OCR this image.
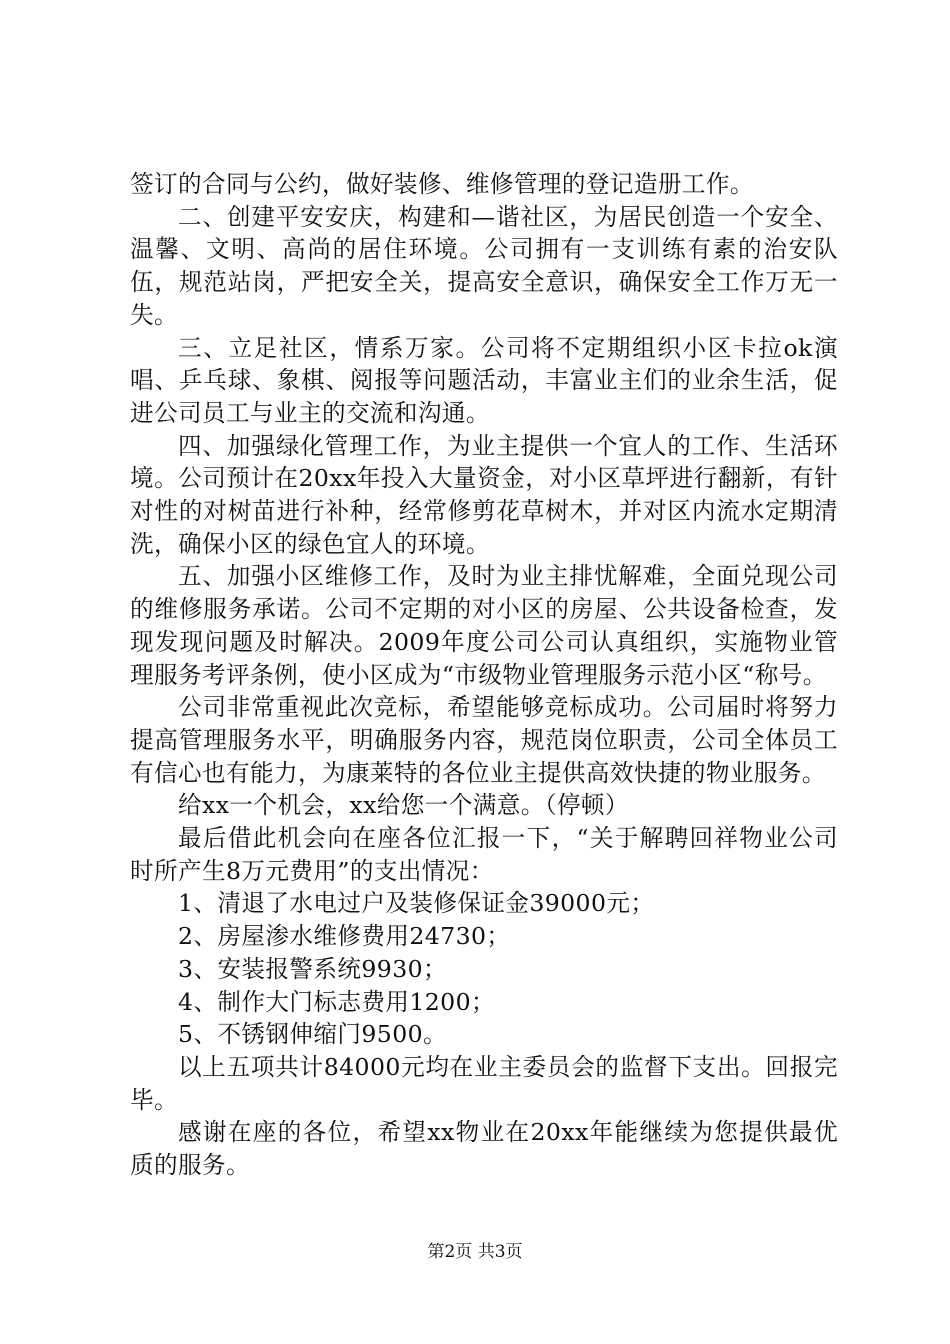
签订的合同与公约，做好装修、维修管理的登记造册工作。

二、创建平安安庆，构建和—谐社区，为居民创造一个安全、温馨、文明、高尚的居住环境。公司拥有一支训练有素的治安队伍，规范站岗，严把安全关，提高安全意识，确保安全工作万无一失。

三、立足社区，情系万家。公司将不定期组织小区卡拉ok演唱、乒乓球、象棋、阅报等问题活动，丰富业主们的业余生活，促进公司员工与业主的交流和沟通。

四、加强绿化管理工作，为业主提供一个宜人的工作、生活环境。公司预计在20xx年投入大量资金，对小区草坪进行翻新，有针对性的对树苗进行补种，经常修剪花草树木，并对区内流水定期清洗，确保小区的绿色宜人的环境。

五、加强小区维修工作，及时为业主排忧解难，全面兑现公司的维修服务承诺。公司不定期的对小区的房屋、公共设备检查，发现发现问题及时解决。2009年度公司公司认真组织，实施物业管理服务考评条例，使小区成为“市级物业管理服务示范小区“称号。

公司非常重视此次竞标，希望能够竞标成功。公司届时将努力提高管理服务水平，明确服务内容，规范岗位职责，公司全体员工有信心也有能力，为康莱特的各位业主提供高效快捷的物业服务。

给xx一个机会，xx给您一个满意。（停顿）

最后借此机会向在座各位汇报一下，“关于解聘回祥物业公司时所产生8万元费用”的支出情况：

1、清退了水电过户及装修保证金39000元；

2、房屋渗水维修费用24730；

3、安装报警系统9930；

4、制作大门标志费用1200；

5、不锈钢伸缩门9500。

以上五项共计84000元均在业主委员会的监督下支出。回报完毕。

感谢在座的各位，希望xx物业在20xx年能继续为您提供最优质的服务。

第2页 共3页
